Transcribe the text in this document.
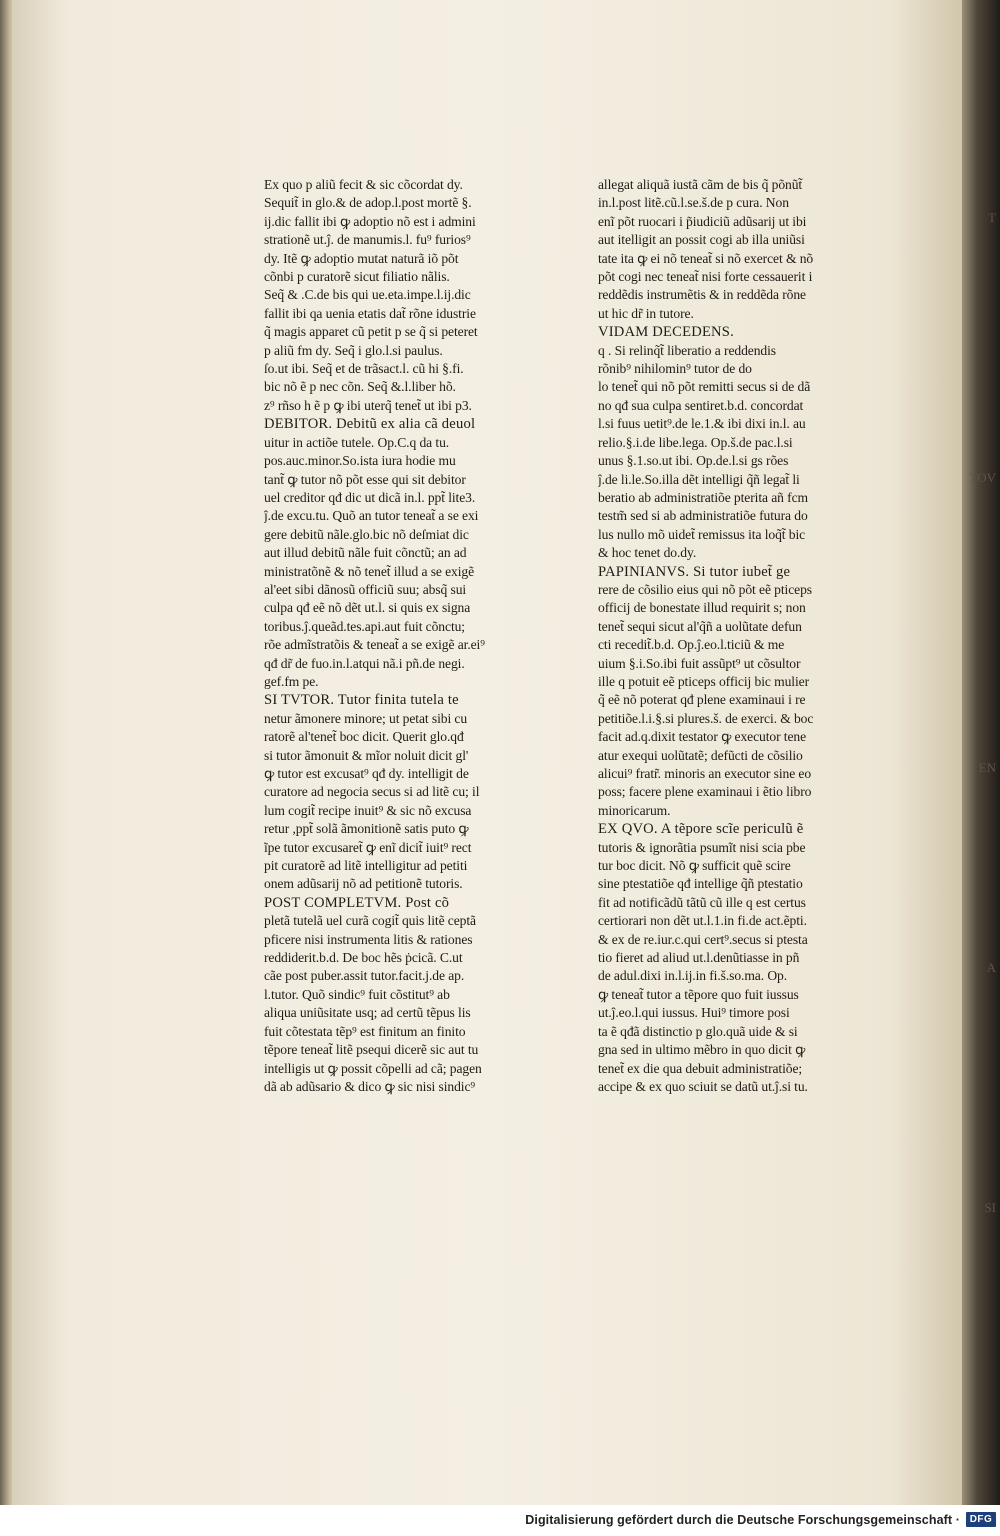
T
TOV
EN
A
SI
Ex quo p aliũ fecit & sic cõcordat dy.
Sequit̃ in glo.& de adop.l.post mortẽ §.
ij.dic fallit ibi ꝙ adoptio nõ est i admini
strationẽ ut.ĵ. de manumis.l. fu⁹ furios⁹
dy. Itẽ ꝙ adoptio mutat naturã iõ põt
cõnbi p curatorẽ sicut filiatio nãlis.
Seq̃ & .C.de bis qui ue.eta.impe.l.ij.dic
fallit ibi qa uenia etatis dat̃ rõne idustrie
q̃ magis apparet cũ petit p se q̃ si peteret
p aliũ fm dy. Seq̃ i glo.l.si paulus.
ſo.ut ibi. Seq̃ et de trãsact.l. cũ hi §.fi.
bic nõ ẽ p nec cõn. Seq̃ &.l.liber hõ.
z⁹ rñso h ẽ p ꝙ ibi uterq̃ tenet̃ ut ibi p3.
DEBITOR. Debitũ ex alia cã deuol
uitur in actiõe tutele. Op.C.q da tu.
pos.auc.minor.So.ista iura hodie mu
tant̃ ꝙ tutor nõ põt esse qui sit debitor
uel creditor qđ dic ut dicã in.l. ppt̃ lite3.
ĵ.de excu.tu. Quõ an tutor teneat̃ a se exi
gere debitũ nãle.glo.bic nõ deſmiat dic
aut illud debitũ nãle fuit cõnctũ; an ad
ministratõnẽ & nõ tenet̃ illud a se exigẽ
al'eet sibi dãnosũ officiũ suu; absq̃ sui
culpa qđ eẽ nõ dẽt ut.l. si quis ex signa
toribus.ĵ.queãd.tes.api.aut fuit cõnctu;
rõe admĩstratõis & teneat̃ a se exigẽ ar.ei⁹
qđ dr̃ de fuo.in.l.atqui nã.i pñ.de negi.
gef.fm pe.
SI TVTOR. Tutor finita tutela te
netur ãmonere minore; ut petat sibi cu
ratorẽ al'tenet̃ boc dicit. Querit glo.qđ
si tutor ãmonuit & mĩor noluit dicit gl'
ꝙ tutor est excusat⁹ qđ dy. intelligit de
curatore ad negocia secus si ad litẽ cu; il
lum cogit̃ recipe inuit⁹ & sic nõ excusa
retur ,ppt̃ solã ãmonitionẽ satis puto ꝙ
ĩpe tutor excusaret̃ ꝙ enĩ dicit̃ iuit⁹ rect
pit curatorẽ ad litẽ intelligitur ad petiti
onem adũsarij nõ ad petitionẽ tutoris.
POST COMPLETVM. Post cõ
pletã tutelã uel curã cogit̃ quis litẽ ceptã
pficere nisi instrumenta litis & rationes
reddiderit.b.d. De boc hẽs ṗcicã. C.ut
cãe post puber.assit tutor.facit.j.de ap.
l.tutor. Quõ sindic⁹ fuit cõstitut⁹ ab
aliqua uniũsitate usq; ad certũ tẽpus lis
fuit cõtestata tẽp⁹ est finitum an finito
tẽpore teneat̃ litẽ psequi dicerẽ sic aut tu
intelligis ut ꝙ possit cõpelli ad cã; pagen
dã ab adũsario & dico ꝙ sic nisi sindic⁹
allegat aliquã iustã cãm de bis q̃ põnũt̃
in.l.post litẽ.cũ.l.se.š.de p cura. Non
enĩ põt ruocari i p̃iudiciũ adũsarij ut ibi
aut itelligit an possit cogi ab illa uniũsi
tate ita ꝙ ei nõ teneat̃ si nõ exercet & nõ
põt cogi nec teneat̃ nisi forte cessauerit i
reddẽdis instrumẽtis & in reddẽda rõne
ut hic dr̃ in tutore.
VIDAM DECEDENS.
q . Si relinq̃t̃ liberatio a reddendis
rõnib⁹ nihilomin⁹ tutor de do
lo tenet̃ qui nõ põt remitti secus si de dã
no qđ sua culpa sentiret.b.d. concordat
l.si fuus uetit⁹.de le.1.& ibi dixi in.l. au
relio.§.i.de libe.lega. Op.š.de pac.l.si
unus §.1.so.ut ibi. Op.de.l.si gs rões
ĵ.de li.le.So.illa dẽt intelligi q̃ñ legat̃ li
beratio ab administratiõe pterita añ fcm
testm̃ sed si ab administratiõe futura do
lus nullo mõ uidet̃ remissus ita loq̃t̃ bic
& hoc tenet do.dy.
PAPINIANVS. Si tutor iubet̃ ge
rere de cõsilio eius qui nõ põt eẽ pticeps
officij de bonestate illud requirit s; non
tenet̃ sequi sicut al'q̃ñ a uolũtate defun
cti recedit̃.b.d. Op.ĵ.eo.l.ticiũ & me
uium §.i.So.ibi fuit assũpt⁹ ut cõsultor
ille q potuit eẽ pticeps officij bic mulier
q̃ eẽ nõ poterat qđ plene examinaui i re
petitiõe.l.i.§.si plures.š. de exerci. & boc
facit ad.q.dixit testator ꝙ executor tene
atur exequi uolũtatẽ; defũcti de cõsilio
alicui⁹ fratr̃. minoris an executor sine eo
poss; facere plene examinaui i ẽtio libro
minoricarum.
EX QVO. A tẽpore scĩe periculũ ẽ
tutoris & ignorãtia psumĩt nisi scia pbe
tur boc dicit. Nõ ꝙ sufficit quẽ scire
sine ptestatiõe qđ intellige q̃ñ ptestatio
fit ad notificãdũ tãtũ cũ ille q est certus
certiorari non dẽt ut.l.1.in fi.de act.ẽpti.
& ex de re.iur.c.qui cert⁹.secus si ptesta
tio fieret ad aliud ut.l.denũtiasse in pñ
de adul.dixi in.l.ij.in fi.š.so.ma. Op.
ꝙ teneat̃ tutor a tẽpore quo fuit iussus
ut.ĵ.eo.l.qui iussus. Hui⁹ timore posi
ta ẽ qđã distinctio p glo.quã uide & si
gna sed in ultimo mẽbro in quo dicit ꝙ
tenet̃ ex die qua debuit administratiõe;
accipe & ex quo sciuit se datũ ut.ĵ.si tu.
Digitalisierung gefördert durch die Deutsche Forschungsgemeinschaft · DFG
